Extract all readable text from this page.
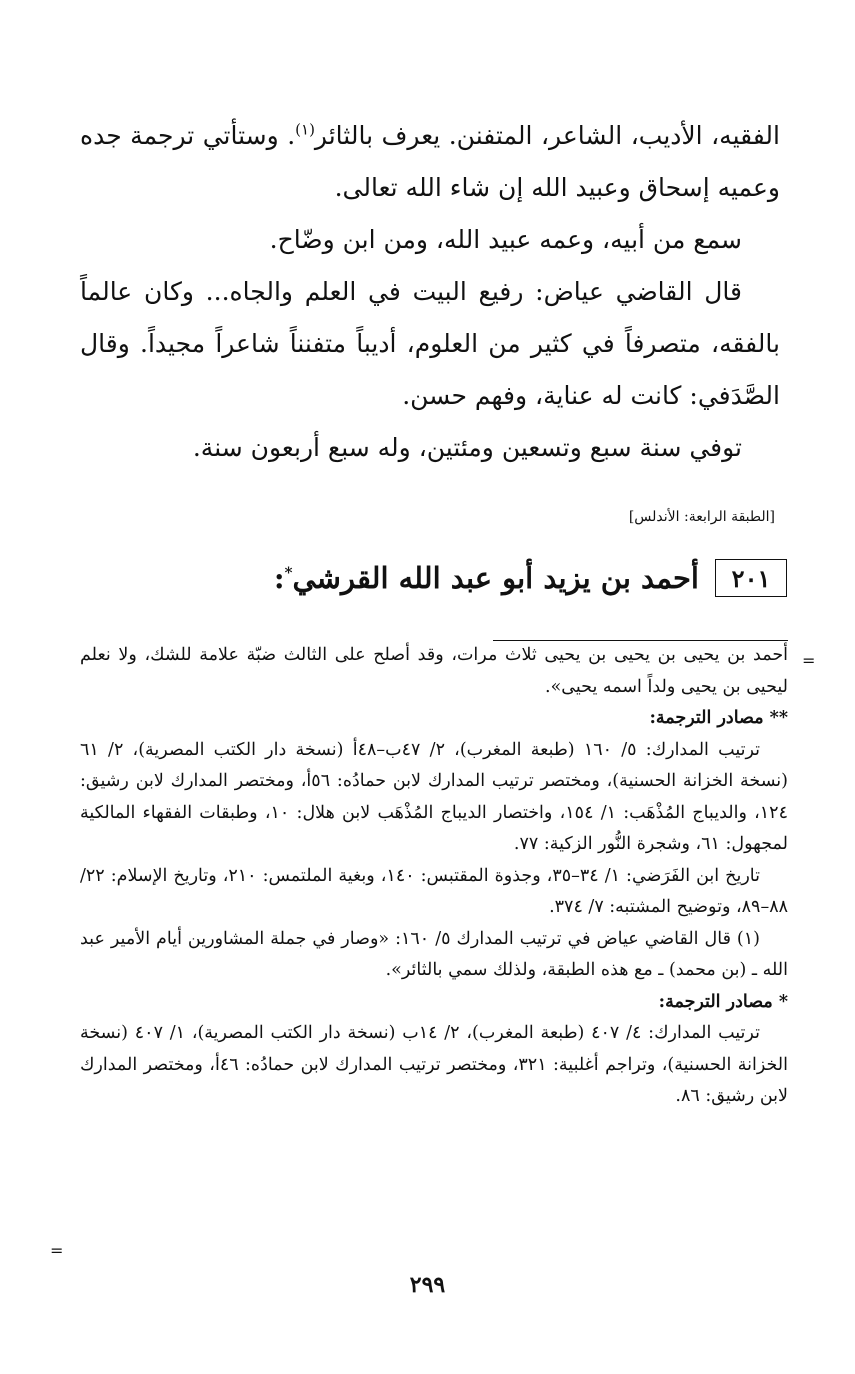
الفقيه، الأديب، الشاعر، المتفنن. يعرف بالثائر$^{(١)}$. وستأتي ترجمة جده وعميه إسحاق وعبيد الله إن شاء الله تعالى.

سمع من أبيه، وعمه عبيد الله، ومن ابن وضّاح.

قال القاضي عياض: رفيع البيت في العلم والجاه... وكان عالماً بالفقه، متصرفاً في كثير من العلوم، أديباً متفنناً شاعراً مجيداً. وقال الصَّدَفي: كانت له عناية، وفهم حسن.

توفي سنة سبع وتسعين ومئتين، وله سبع أربعون سنة.

[الطبقة الرابعة: الأندلس]
٢٠١
أحمد بن يزيد أبو عبد الله القرشي*:
=

أحمد بن يحيى بن يحيى بن يحيى ثلاث مرات، وقد أصلح على الثالث ضبّة علامة للشك، ولا نعلم ليحيى بن يحيى ولداً اسمه يحيى».

** مصادر الترجمة:

ترتيب المدارك: ٥/ ١٦٠ (طبعة المغرب)، ٢/ ٤٧ب–٤٨أ (نسخة دار الكتب المصرية)، ٢/ ٦١ (نسخة الخزانة الحسنية)، ومختصر ترتيب المدارك لابن حمادُه: ٥٦أ، ومختصر المدارك لابن رشيق: ١٢٤، والديباج المُذْهَب: ١/ ١٥٤، واختصار الديباج المُذْهَب لابن هلال: ١٠، وطبقات الفقهاء المالكية لمجهول: ٦١، وشجرة النُّور الزكية: ٧٧.

تاريخ ابن الفَرَضي: ١/ ٣٤–٣٥، وجذوة المقتبس: ١٤٠، وبغية الملتمس: ٢١٠، وتاريخ الإسلام: ٢٢/ ٨٨–٨٩، وتوضيح المشتبه: ٧/ ٣٧٤.

(١) قال القاضي عياض في ترتيب المدارك ٥/ ١٦٠: «وصار في جملة المشاورين أيام الأمير عبد الله ـ (بن محمد) ـ مع هذه الطبقة، ولذلك سمي بالثائر».

* مصادر الترجمة:

ترتيب المدارك: ٤/ ٤٠٧ (طبعة المغرب)، ٢/ ١٤ب (نسخة دار الكتب المصرية)، ١/ ٤٠٧ (نسخة الخزانة الحسنية)، وتراجم أغلبية: ٣٢١، ومختصر ترتيب المدارك لابن حمادُه: ٤٦أ، ومختصر المدارك لابن رشيق: ٨٦.

=
٢٩٩
